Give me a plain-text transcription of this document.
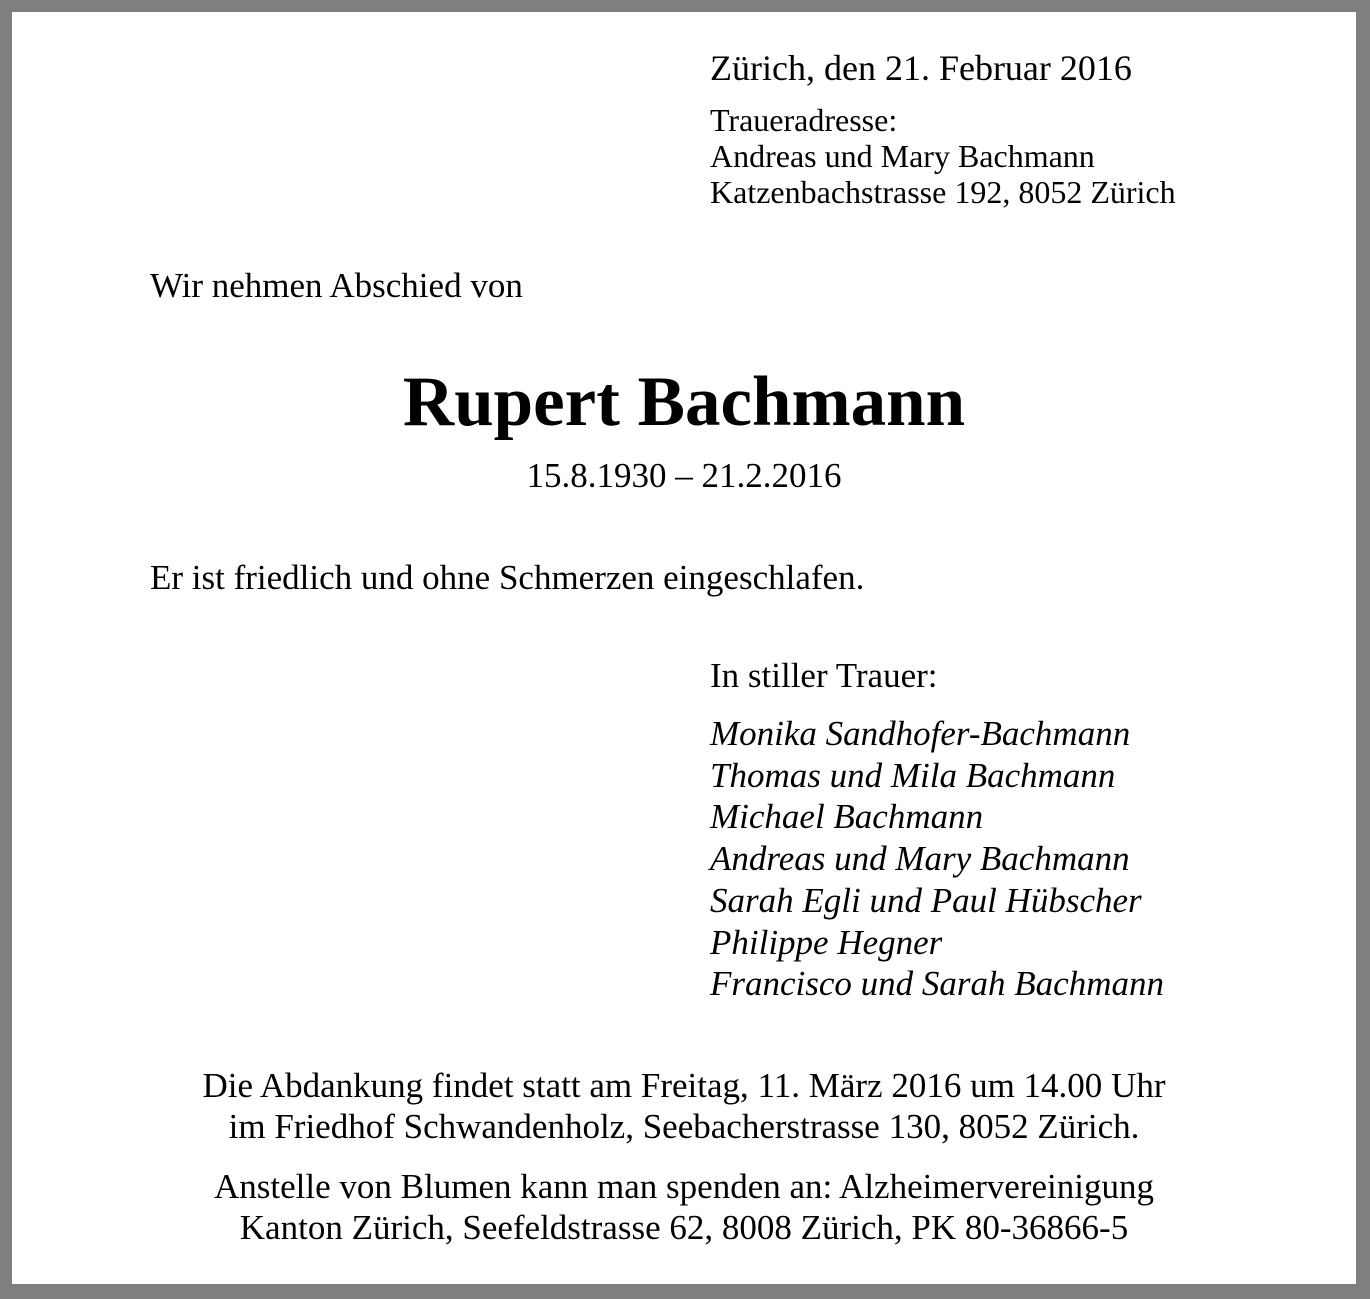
Zürich, den 21. Februar 2016
Traueradresse:
Andreas und Mary Bachmann
Katzenbachstrasse 192, 8052 Zürich
Wir nehmen Abschied von
Rupert Bachmann
15.8.1930 – 21.2.2016
Er ist friedlich und ohne Schmerzen eingeschlafen.
In stiller Trauer:
Monika Sandhofer-Bachmann
Thomas und Mila Bachmann
Michael Bachmann
Andreas und Mary Bachmann
Sarah Egli und Paul Hübscher
Philippe Hegner
Francisco und Sarah Bachmann
Die Abdankung findet statt am Freitag, 11. März 2016 um 14.00 Uhr
im Friedhof Schwandenholz, Seebacherstrasse 130, 8052 Zürich.
Anstelle von Blumen kann man spenden an: Alzheimervereinigung
Kanton Zürich, Seefeldstrasse 62, 8008 Zürich, PK 80-36866-5
